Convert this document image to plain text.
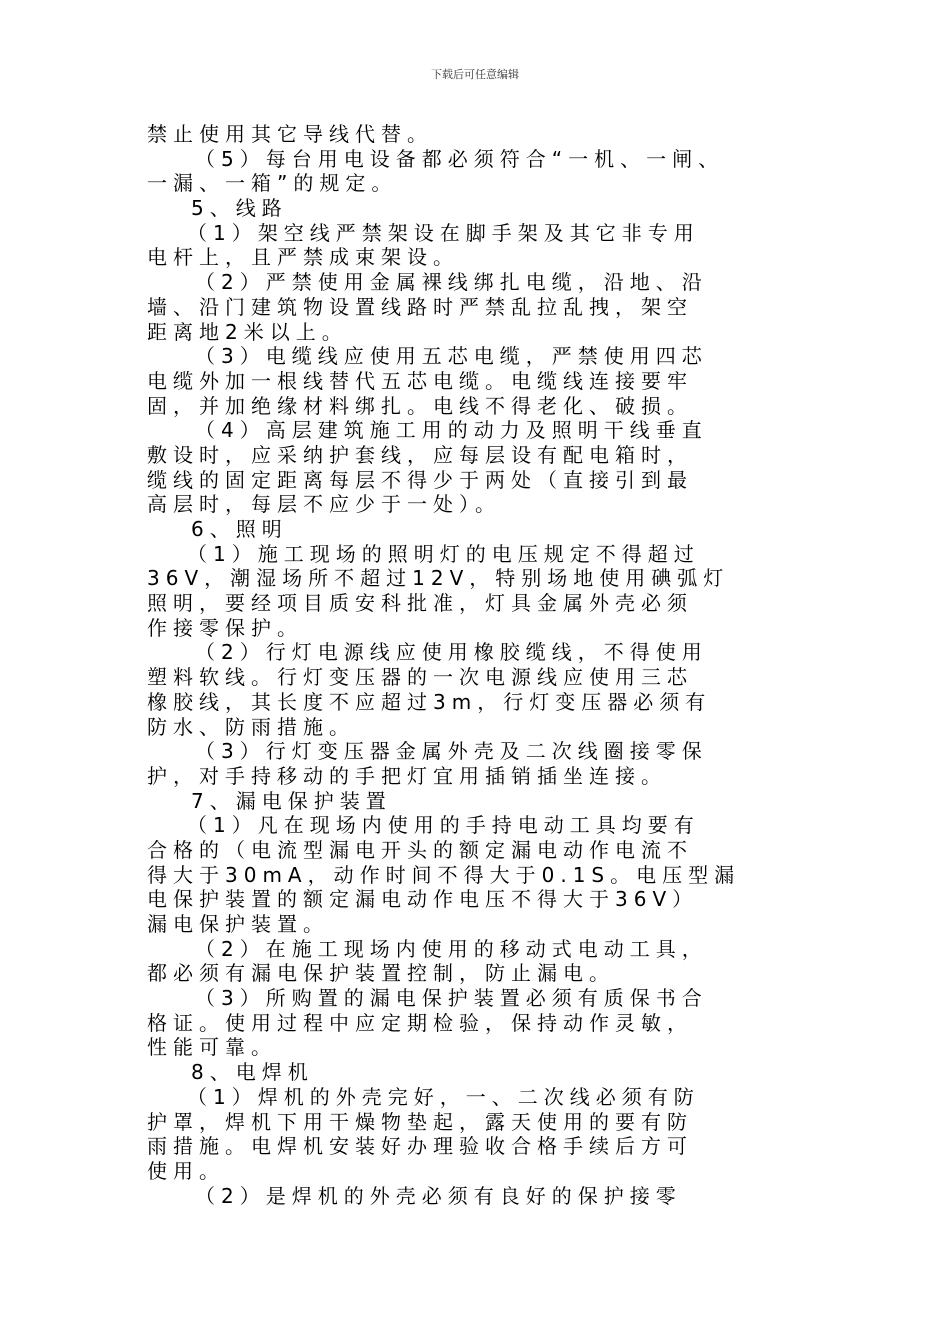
下载后可任意编辑
禁止使用其它导线代替。
（5）每台用电设备都必须符合“一机、一闸、
一漏、一箱”的规定。
5、线路
（1）架空线严禁架设在脚手架及其它非专用
电杆上，且严禁成束架设。
（2）严禁使用金属裸线绑扎电缆，沿地、沿
墙、沿门建筑物设置线路时严禁乱拉乱拽，架空
距离地2米以上。
（3）电缆线应使用五芯电缆，严禁使用四芯
电缆外加一根线替代五芯电缆。电缆线连接要牢
固，并加绝缘材料绑扎。电线不得老化、破损。
（4）高层建筑施工用的动力及照明干线垂直
敷设时，应采纳护套线，应每层设有配电箱时，
缆线的固定距离每层不得少于两处（直接引到最
高层时，每层不应少于一处）。
6、照明
（1）施工现场的照明灯的电压规定不得超过
36V，潮湿场所不超过12V，特别场地使用碘弧灯
照明，要经项目质安科批准，灯具金属外壳必须
作接零保护。
（2）行灯电源线应使用橡胶缆线，不得使用
塑料软线。行灯变压器的一次电源线应使用三芯
橡胶线，其长度不应超过3m，行灯变压器必须有
防水、防雨措施。
（3）行灯变压器金属外壳及二次线圈接零保
护，对手持移动的手把灯宜用插销插坐连接。
7、漏电保护装置
（1）凡在现场内使用的手持电动工具均要有
合格的（电流型漏电开头的额定漏电动作电流不
得大于30mA，动作时间不得大于0.1S。电压型漏
电保护装置的额定漏电动作电压不得大于36V）
漏电保护装置。
（2）在施工现场内使用的移动式电动工具，
都必须有漏电保护装置控制，防止漏电。
（3）所购置的漏电保护装置必须有质保书合
格证。使用过程中应定期检验，保持动作灵敏，
性能可靠。
8、电焊机
（1）焊机的外壳完好，一、二次线必须有防
护罩，焊机下用干燥物垫起，露天使用的要有防
雨措施。电焊机安装好办理验收合格手续后方可
使用。
（2）是焊机的外壳必须有良好的保护接零
